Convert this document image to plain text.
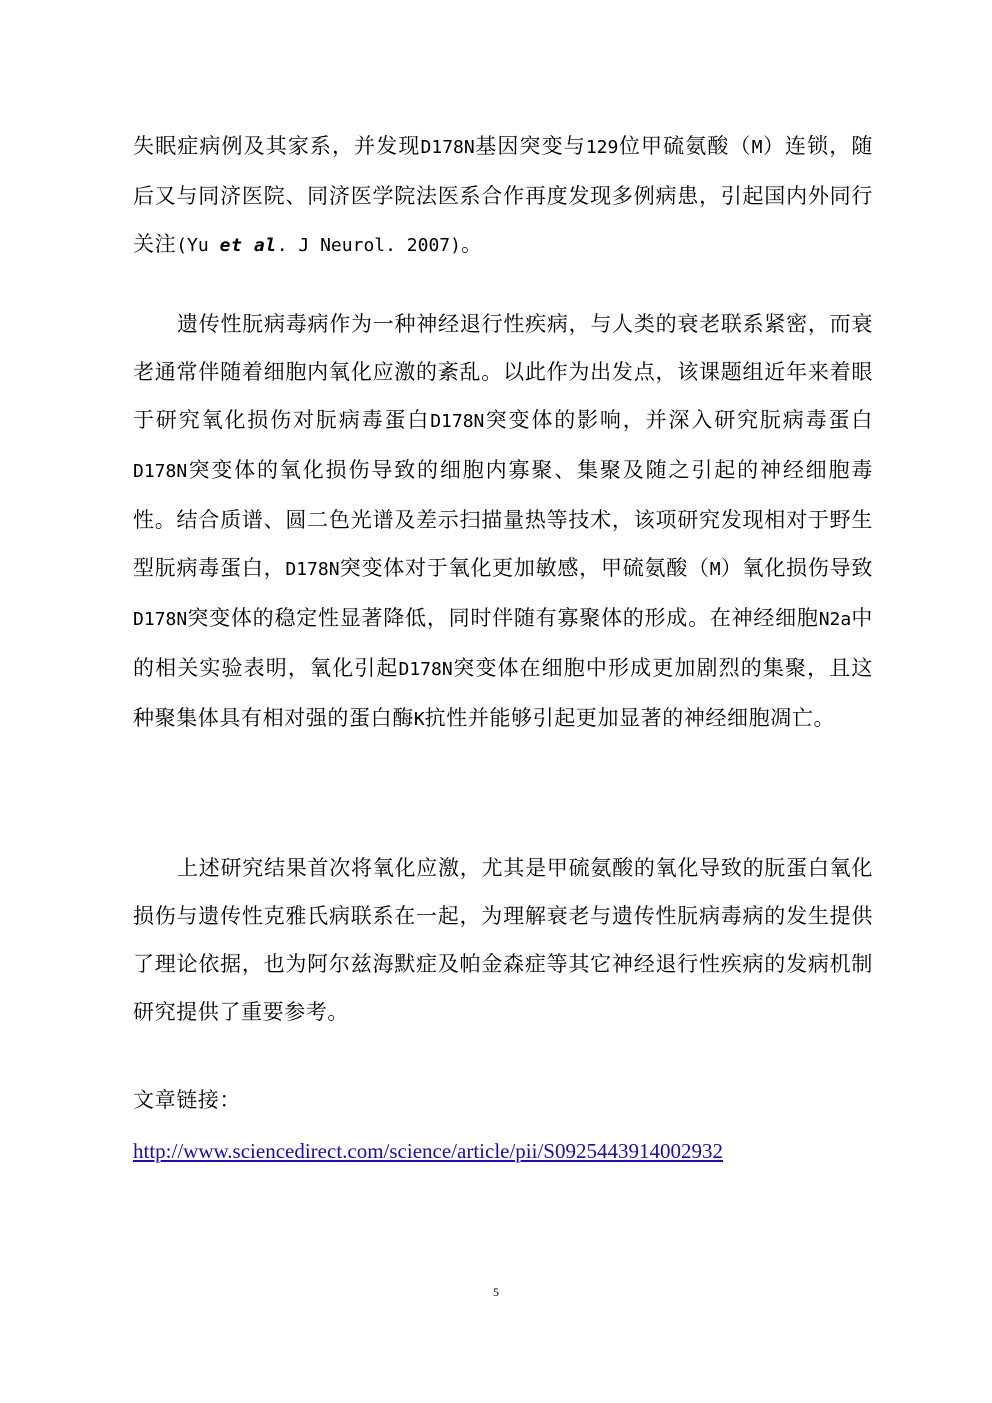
失眠症病例及其家系，并发现D178N基因突变与129位甲硫氨酸（M）连锁，随后又与同济医院、同济医学院法医系合作再度发现多例病患，引起国内外同行关注(Yu et al. J Neurol. 2007)。

遗传性朊病毒病作为一种神经退行性疾病，与人类的衰老联系紧密，而衰老通常伴随着细胞内氧化应激的紊乱。以此作为出发点，该课题组近年来着眼于研究氧化损伤对朊病毒蛋白D178N突变体的影响，并深入研究朊病毒蛋白D178N突变体的氧化损伤导致的细胞内寡聚、集聚及随之引起的神经细胞毒性。结合质谱、圆二色光谱及差示扫描量热等技术，该项研究发现相对于野生型朊病毒蛋白，D178N突变体对于氧化更加敏感，甲硫氨酸（M）氧化损伤导致D178N突变体的稳定性显著降低，同时伴随有寡聚体的形成。在神经细胞N2a中的相关实验表明，氧化引起D178N突变体在细胞中形成更加剧烈的集聚，且这种聚集体具有相对强的蛋白酶K抗性并能够引起更加显著的神经细胞凋亡。

上述研究结果首次将氧化应激，尤其是甲硫氨酸的氧化导致的朊蛋白氧化损伤与遗传性克雅氏病联系在一起，为理解衰老与遗传性朊病毒病的发生提供了理论依据，也为阿尔兹海默症及帕金森症等其它神经退行性疾病的发病机制研究提供了重要参考。

文章链接：

http://www.sciencedirect.com/science/article/pii/S0925443914002932
5
